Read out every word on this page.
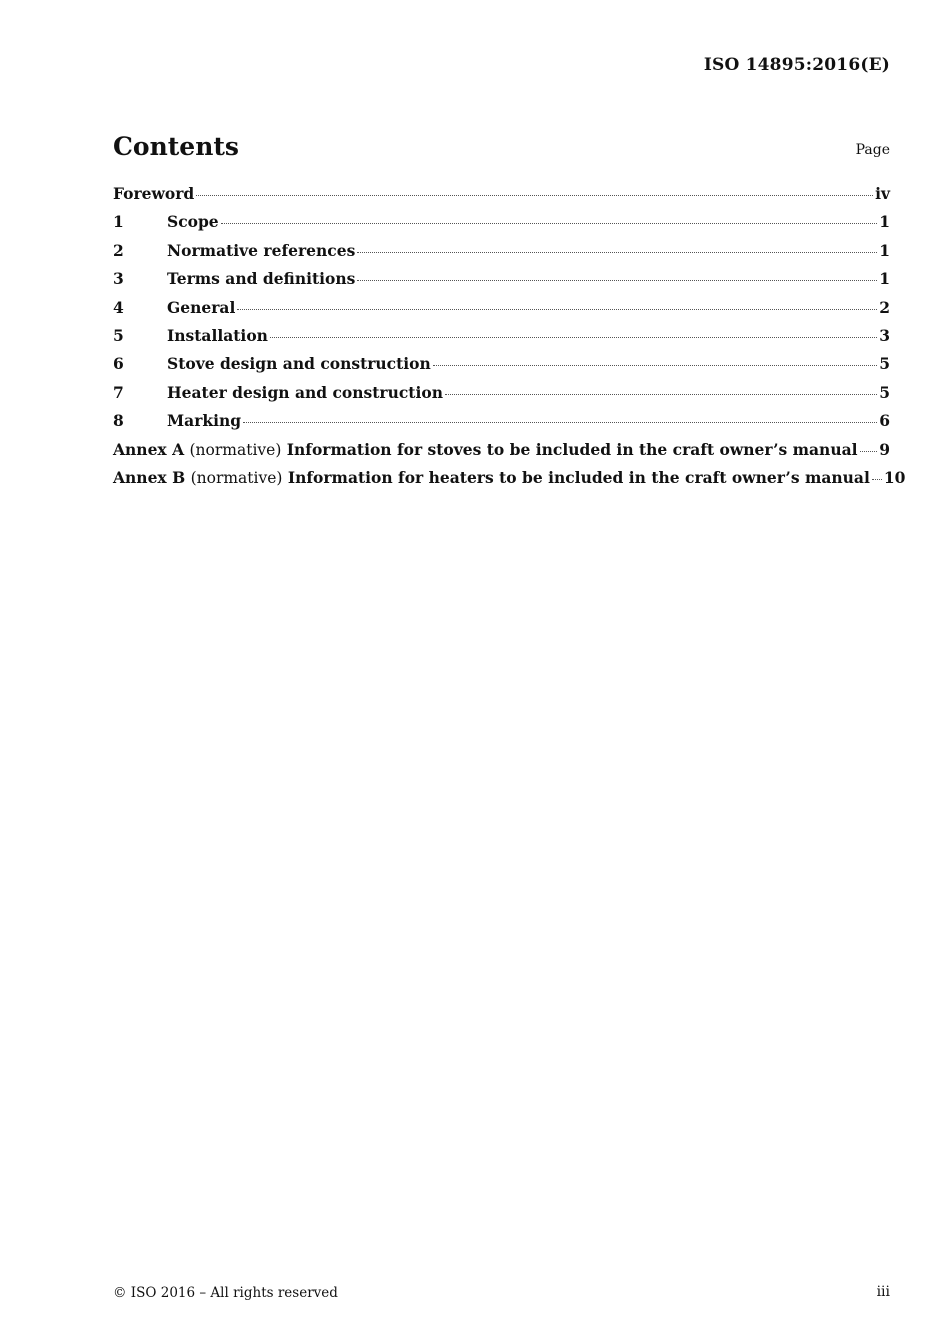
ISO 14895:2016(E)
Contents	Page
Foreword	iv
1	Scope	1
2	Normative references	1
3	Terms and definitions	1
4	General	2
5	Installation	3
6	Stove design and construction	5
7	Heater design and construction	5
8	Marking	6
Annex A (normative) Information for stoves to be included in the craft owner’s manual 9
Annex B (normative) Information for heaters to be included in the craft owner’s manual 10
© ISO 2016 – All rights reserved	iii
